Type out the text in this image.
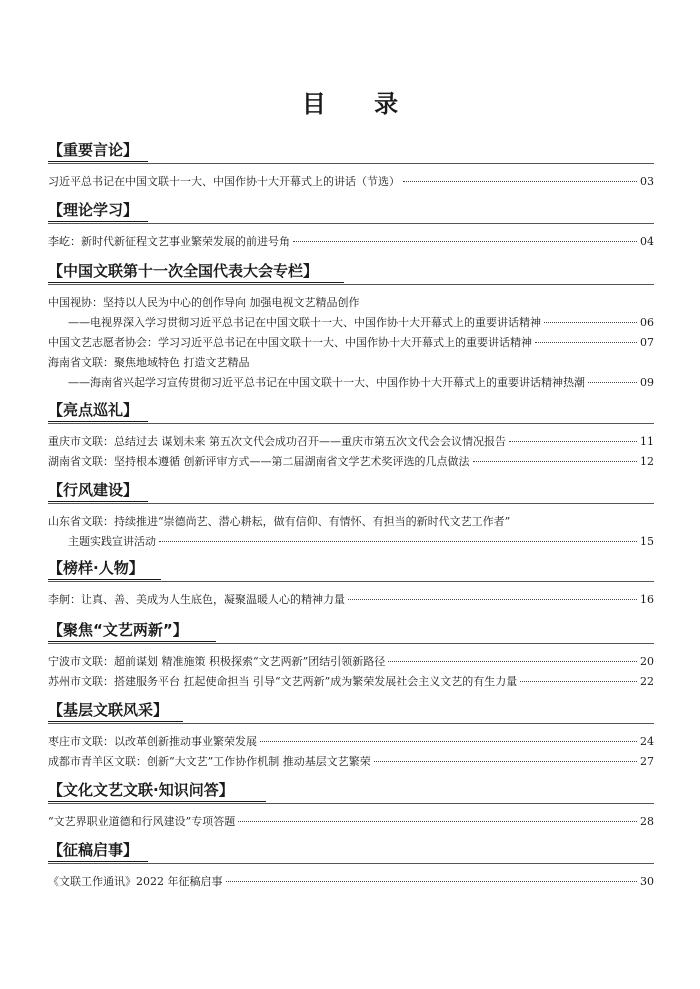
目 录
【重要言论】
习近平总书记在中国文联十一大、中国作协十大开幕式上的讲话（节选）	03
【理论学习】
李屹：新时代新征程文艺事业繁荣发展的前进号角	04
【中国文联第十一次全国代表大会专栏】
中国视协：坚持以人民为中心的创作导向 加强电视文艺精品创作
——电视界深入学习贯彻习近平总书记在中国文联十一大、中国作协十大开幕式上的重要讲话精神	06
中国文艺志愿者协会：学习习近平总书记在中国文联十一大、中国作协十大开幕式上的重要讲话精神	07
海南省文联：聚焦地域特色 打造文艺精品
——海南省兴起学习宣传贯彻习近平总书记在中国文联十一大、中国作协十大开幕式上的重要讲话精神热潮	09
【亮点巡礼】
重庆市文联：总结过去 谋划未来 第五次文代会成功召开——重庆市第五次文代会会议情况报告	11
湖南省文联：坚持根本遵循 创新评审方式——第二届湖南省文学艺术奖评选的几点做法	12
【行风建设】
山东省文联：持续推进“崇德尚艺、潜心耕耘，做有信仰、有情怀、有担当的新时代文艺工作者”
主题实践宣讲活动	15
【榜样·人物】
李舸：让真、善、美成为人生底色，凝聚温暖人心的精神力量	16
【聚焦“文艺两新”】
宁波市文联：超前谋划 精准施策 积极探索“文艺两新”团结引领新路径	20
苏州市文联：搭建服务平台 扛起使命担当 引导“文艺两新”成为繁荣发展社会主义文艺的有生力量	22
【基层文联风采】
枣庄市文联：以改革创新推动事业繁荣发展	24
成都市青羊区文联：创新“大文艺”工作协作机制 推动基层文艺繁荣	27
【文化文艺文联·知识问答】
“文艺界职业道德和行风建设”专项答题	28
【征稿启事】
《文联工作通讯》2022 年征稿启事	30
